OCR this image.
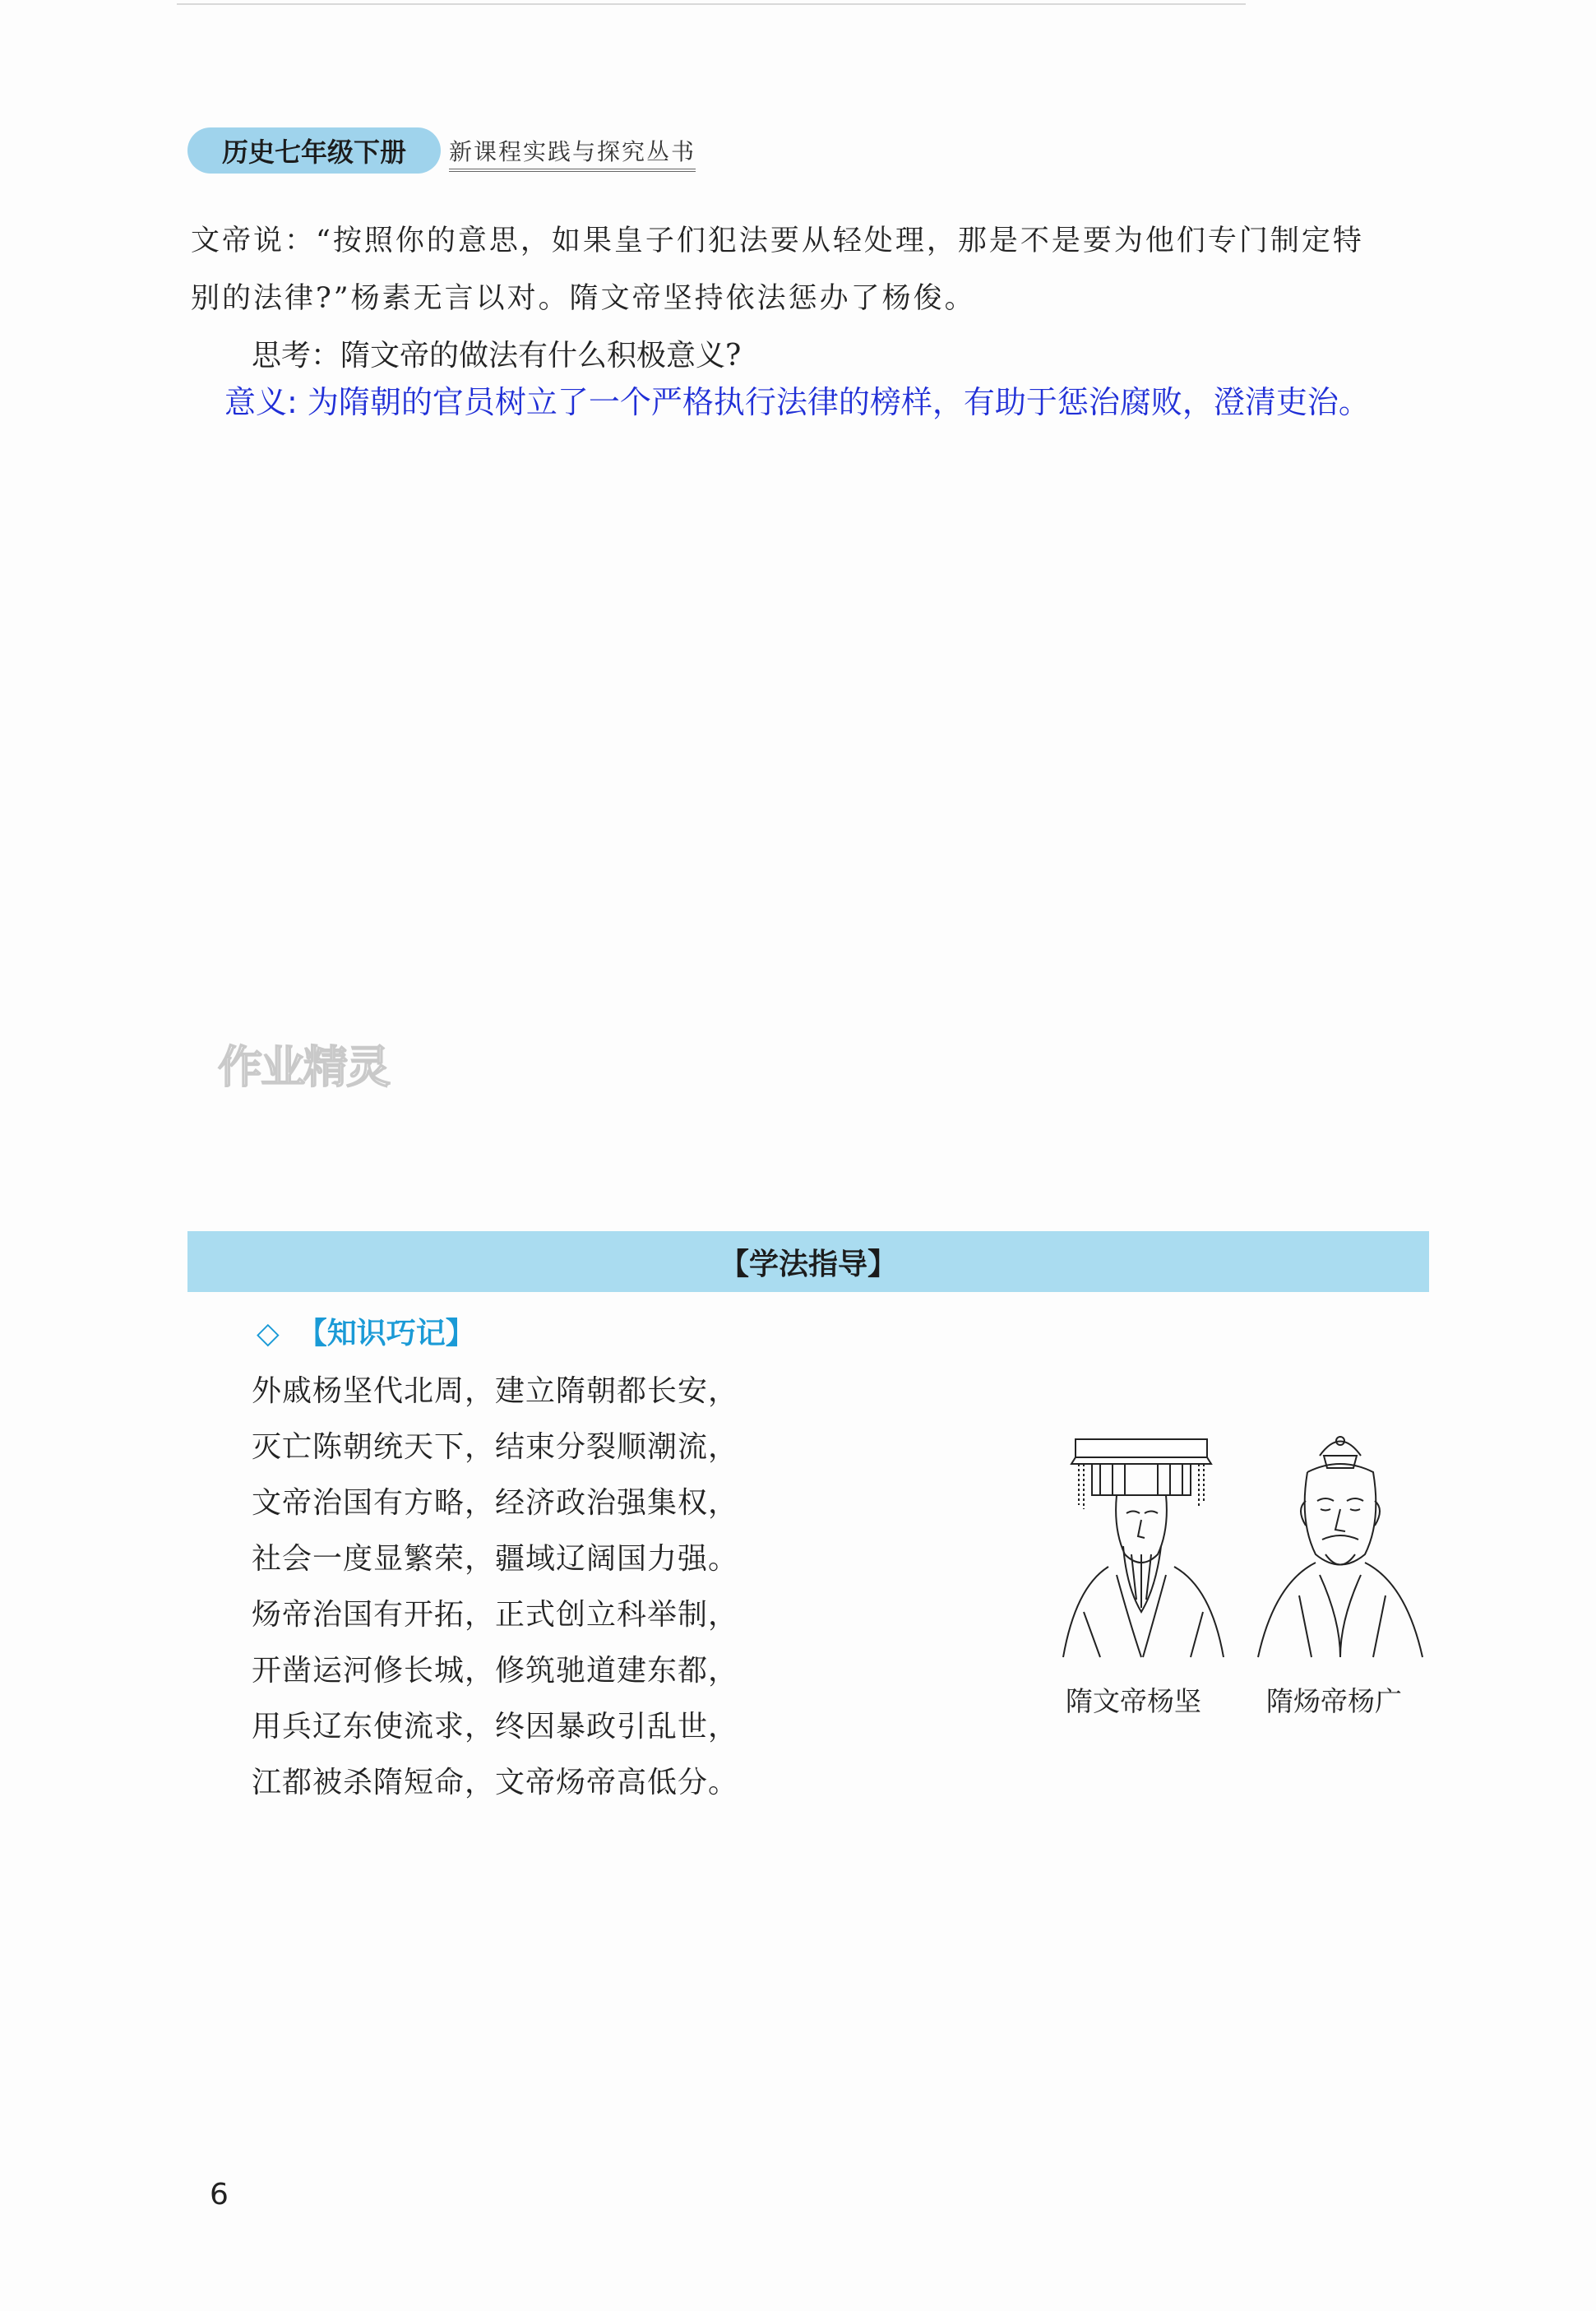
历史七年级下册	新课程实践与探究丛书
文帝说：“按照你的意思，如果皇子们犯法要从轻处理，那是不是要为他们专门制定特
别的法律?”杨素无言以对。隋文帝坚持依法惩办了杨俊。
思考：隋文帝的做法有什么积极意义?
意义: 为隋朝的官员树立了一个严格执行法律的榜样，有助于惩治腐败，澄清吏治。
作业精灵
【学法指导】
◇ 【知识巧记】
外戚杨坚代北周，建立隋朝都长安，
灭亡陈朝统天下，结束分裂顺潮流，
文帝治国有方略，经济政治强集权，
社会一度显繁荣，疆域辽阔国力强。
炀帝治国有开拓，正式创立科举制，
开凿运河修长城，修筑驰道建东都，
用兵辽东使流求，终因暴政引乱世，
江都被杀隋短命，文帝炀帝高低分。
隋文帝杨坚 隋炀帝杨广
6
